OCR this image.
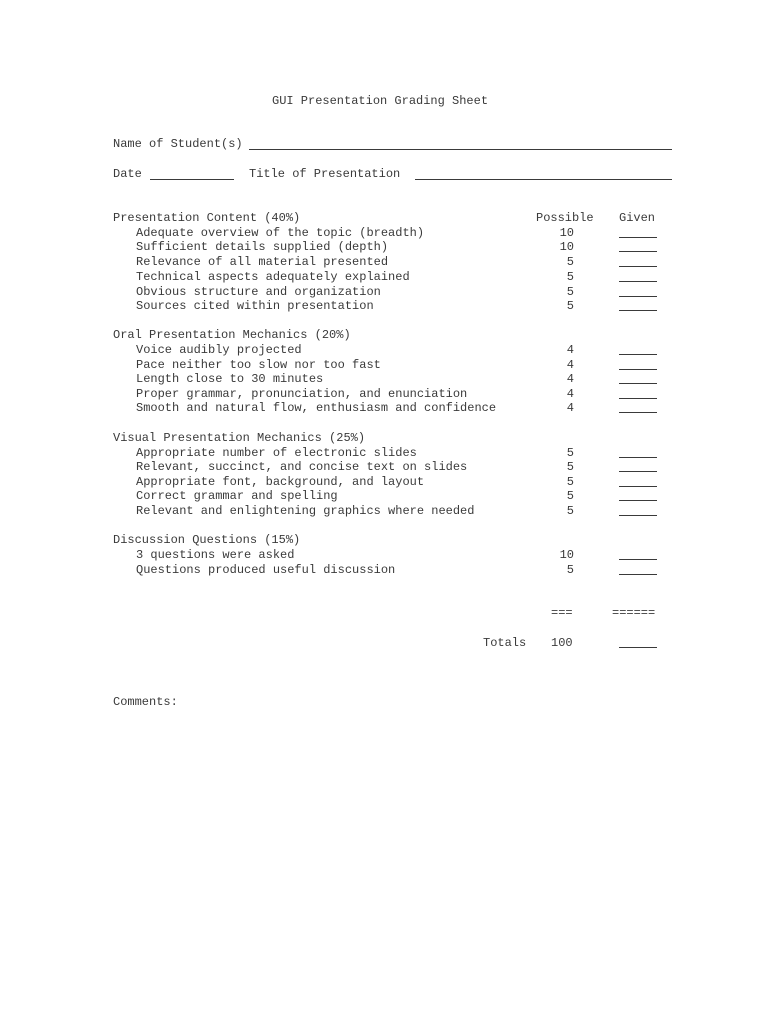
GUI Presentation Grading Sheet
Name of Student(s)
Date	Title of Presentation
Possible Given
Presentation Content (40%)
Adequate overview of the topic (breadth)	10
Sufficient details supplied (depth)	10
Relevance of all material presented	5
Technical aspects adequately explained	5
Obvious structure and organization	5
Sources cited within presentation	5
Oral Presentation Mechanics (20%)
Voice audibly projected	4
Pace neither too slow nor too fast	4
Length close to 30 minutes	4
Proper grammar, pronunciation, and enunciation	4
Smooth and natural flow, enthusiasm and confidence	4
Visual Presentation Mechanics (25%)
Appropriate number of electronic slides	5
Relevant, succinct, and concise text on slides	5
Appropriate font, background, and layout	5
Correct grammar and spelling	5
Relevant and enlightening graphics where needed	5
Discussion Questions (15%)
3 questions were asked	10
Questions produced useful discussion	5
===	======
Totals 100
Comments:
